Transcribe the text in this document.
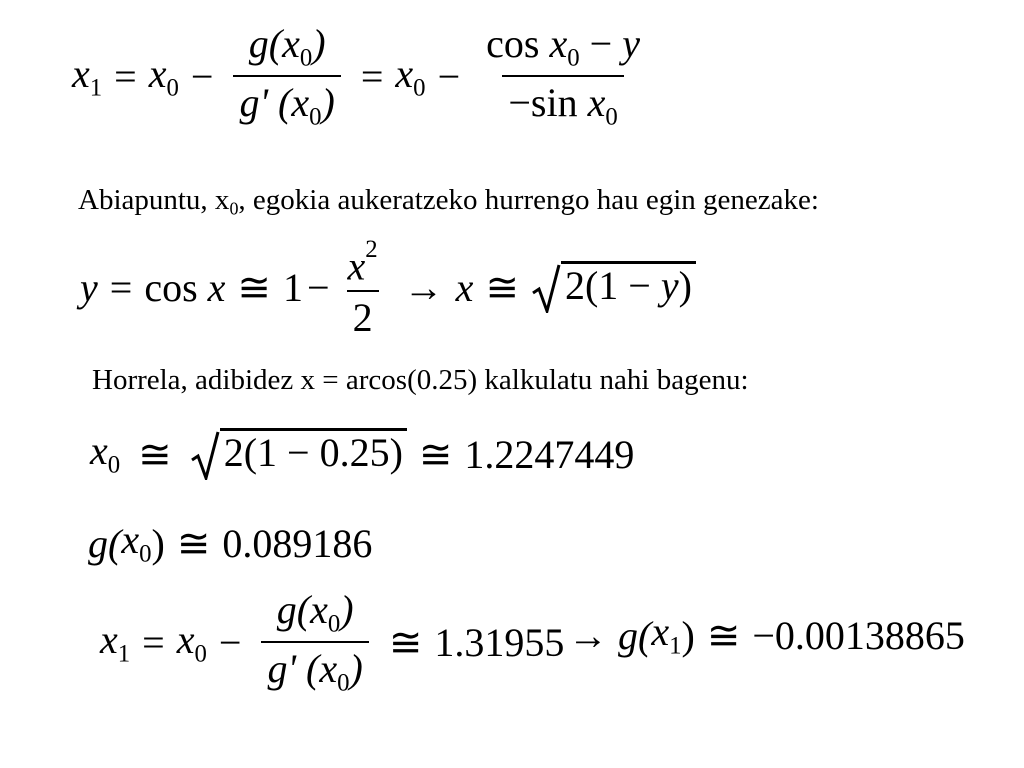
$x_1 = x_0 - \frac{g(x_0)}{g' (x_0)} = x_0 - \frac{\cos x_0 - y}{-\sin x_0}$
Abiapuntu, $x_0$, egokia aukeratzeko hurrengo hau egin genezake:
y = cos
x ≅ $1 - \frac{x^2}{2} \to x$ ≅	2(1 − y)
Horrela, adibidez x = arcos(0.25) kalkulatu nahi bagenu:
$x_0$ ≅	2(1 − 0.25) ≅ 1.2247449
g( $x_0$ ) ≅ 0.089186
$x_1 = x_0 - \frac{g(x_0)}{g' (x_0)}$ ≅ 1.31955 → g( $x_1$ ) ≅ −0.00138865
